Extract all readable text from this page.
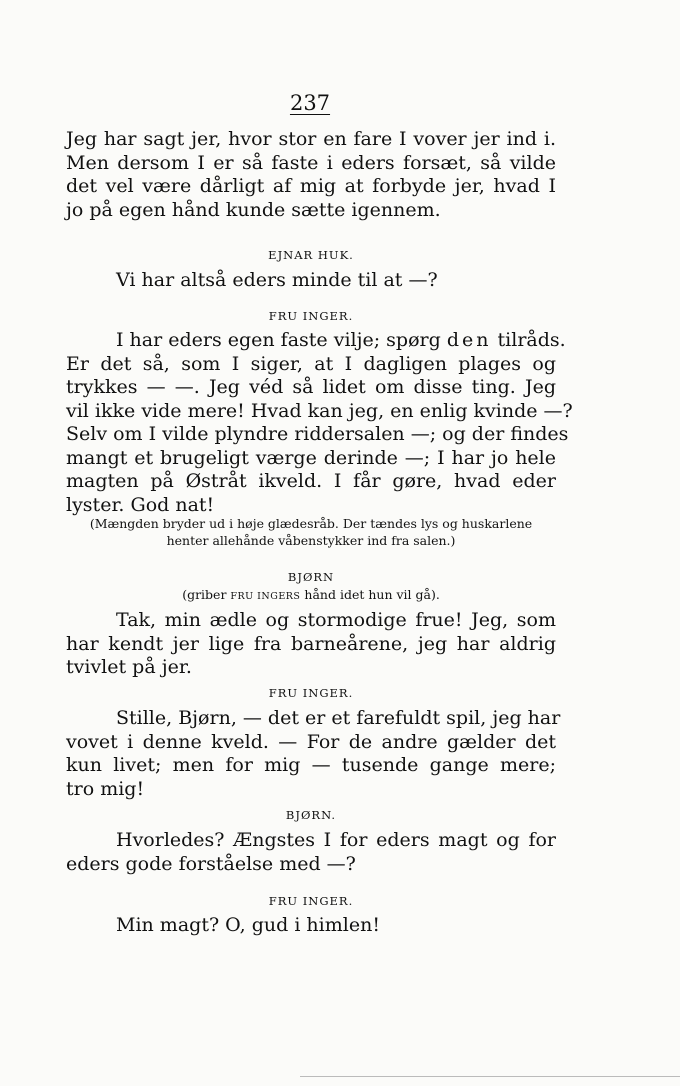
237

Jeg har sagt jer, hvor stor en fare I vover jer ind i.
Men dersom I er så faste i eders forsæt, så vilde
det vel være dårligt af mig at forbyde jer, hvad I
jo på egen hånd kunde sætte igennem.

EJNAR HUK.

Vi har altså eders minde til at —?

FRU INGER.

I har eders egen faste vilje; spørg den tilråds.
Er det så, som I siger, at I dagligen plages og
trykkes — —. Jeg véd så lidet om disse ting. Jeg
vil ikke vide mere! Hvad kan jeg, en enlig kvinde —?
Selv om I vilde plyndre riddersalen —; og der findes
mangt et brugeligt værge derinde —; I har jo hele
magten på Østråt ikveld. I får gøre, hvad eder
lyster. God nat!

(Mængden bryder ud i høje glædesråb. Der tændes lys og huskarlene
henter allehånde våbenstykker ind fra salen.)

BJØRN

(griber FRU INGERS hånd idet hun vil gå).

Tak, min ædle og stormodige frue! Jeg, som
har kendt jer lige fra barneårene, jeg har aldrig
tvivlet på jer.

FRU INGER.

Stille, Bjørn, — det er et farefuldt spil, jeg har
vovet i denne kveld. — For de andre gælder det
kun livet; men for mig — tusende gange mere;
tro mig!

BJØRN.

Hvorledes? Ængstes I for eders magt og for
eders gode forståelse med —?

FRU INGER.

Min magt? O, gud i himlen!
